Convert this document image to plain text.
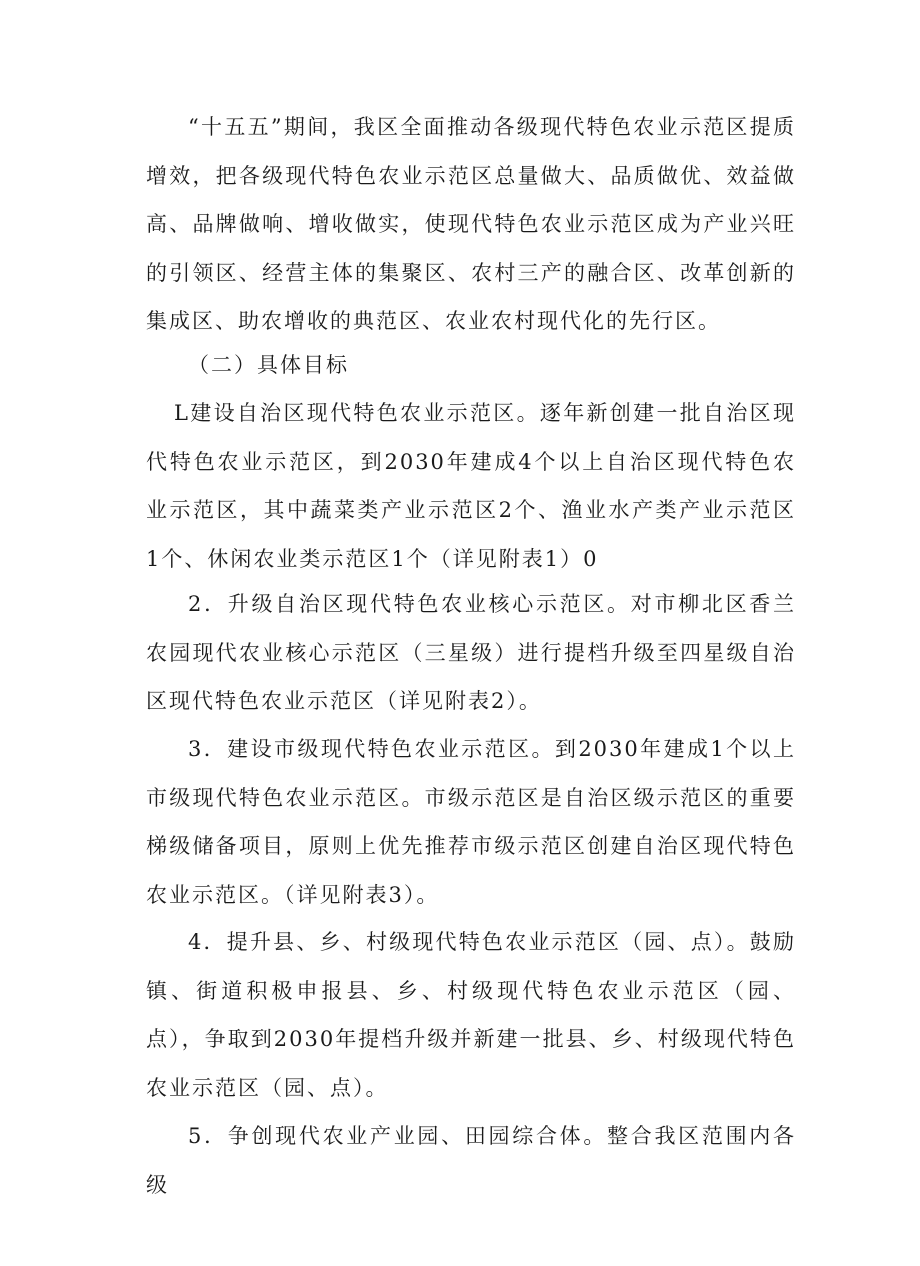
“十五五”期间，我区全面推动各级现代特色农业示范区提质增效，把各级现代特色农业示范区总量做大、品质做优、效益做高、品牌做响、增收做实，使现代特色农业示范区成为产业兴旺的引领区、经营主体的集聚区、农村三产的融合区、改革创新的集成区、助农增收的典范区、农业农村现代化的先行区。

（二）具体目标

L建设自治区现代特色农业示范区。逐年新创建一批自治区现代特色农业示范区，到2030年建成4个以上自治区现代特色农业示范区，其中蔬菜类产业示范区2个、渔业水产类产业示范区1个、休闲农业类示范区1个（详见附表1）0

2．升级自治区现代特色农业核心示范区。对市柳北区香兰农园现代农业核心示范区（三星级）进行提档升级至四星级自治区现代特色农业示范区（详见附表2）。

3．建设市级现代特色农业示范区。到2030年建成1个以上市级现代特色农业示范区。市级示范区是自治区级示范区的重要梯级储备项目，原则上优先推荐市级示范区创建自治区现代特色农业示范区。（详见附表3）。

4．提升县、乡、村级现代特色农业示范区（园、点）。鼓励镇、街道积极申报县、乡、村级现代特色农业示范区（园、点），争取到2030年提档升级并新建一批县、乡、村级现代特色农业示范区（园、点）。

5．争创现代农业产业园、田园综合体。整合我区范围内各级
